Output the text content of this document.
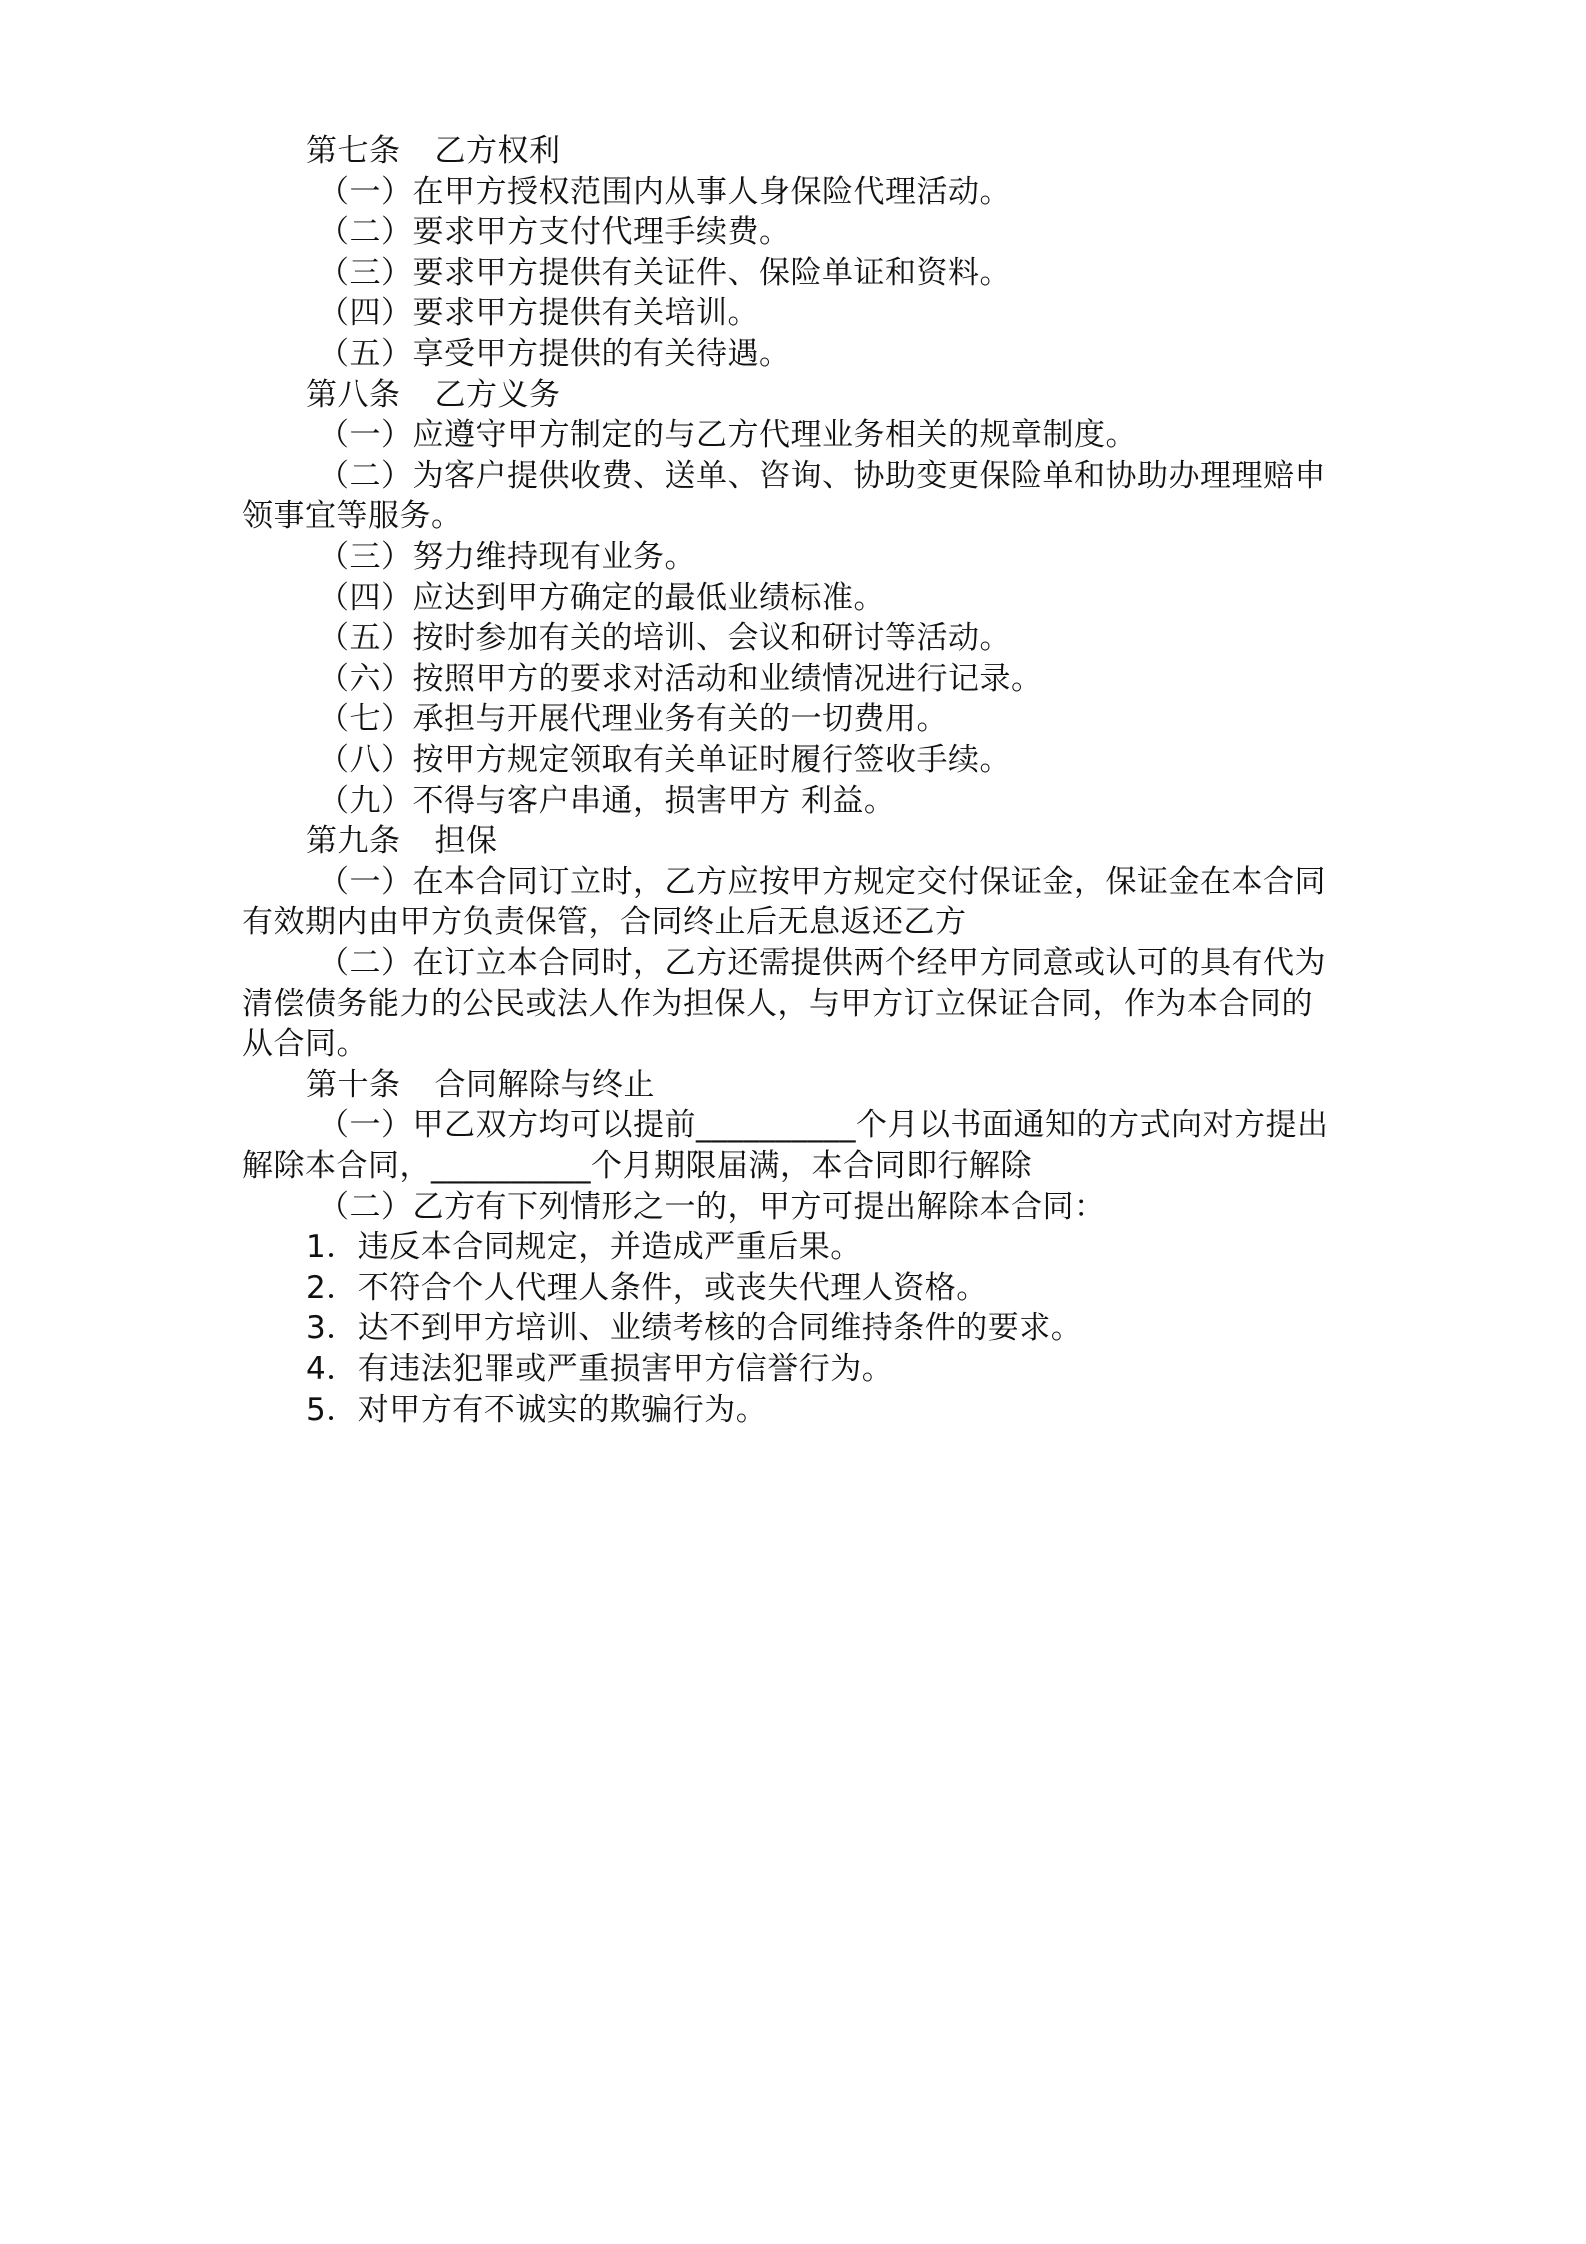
第七条 乙方权利

（一）在甲方授权范围内从事人身保险代理活动。

（二）要求甲方支付代理手续费。

（三）要求甲方提供有关证件、保险单证和资料。

（四）要求甲方提供有关培训。

（五）享受甲方提供的有关待遇。

第八条 乙方义务

（一）应遵守甲方制定的与乙方代理业务相关的规章制度。

（二）为客户提供收费、送单、咨询、协助变更保险单和协助办理理赔申

领事宜等服务。

（三）努力维持现有业务。

（四）应达到甲方确定的最低业绩标准。

（五）按时参加有关的培训、会议和研讨等活动。

（六）按照甲方的要求对活动和业绩情况进行记录。

（七）承担与开展代理业务有关的一切费用。

（八）按甲方规定领取有关单证时履行签收手续。

（九）不得与客户串通，损害甲方 利益。

第九条 担保

（一）在本合同订立时，乙方应按甲方规定交付保证金，保证金在本合同

有效期内由甲方负责保管，合同终止后无息返还乙方

（二）在订立本合同时，乙方还需提供两个经甲方同意或认可的具有代为

清偿债务能力的公民或法人作为担保人，与甲方订立保证合同，作为本合同的

从合同。

第十条 合同解除与终止

（一）甲乙双方均可以提前__________个月以书面通知的方式向对方提出

解除本合同，__________个月期限届满，本合同即行解除

（二）乙方有下列情形之一的，甲方可提出解除本合同：

1．违反本合同规定，并造成严重后果。

2．不符合个人代理人条件，或丧失代理人资格。

3．达不到甲方培训、业绩考核的合同维持条件的要求。

4．有违法犯罪或严重损害甲方信誉行为。

5．对甲方有不诚实的欺骗行为。
